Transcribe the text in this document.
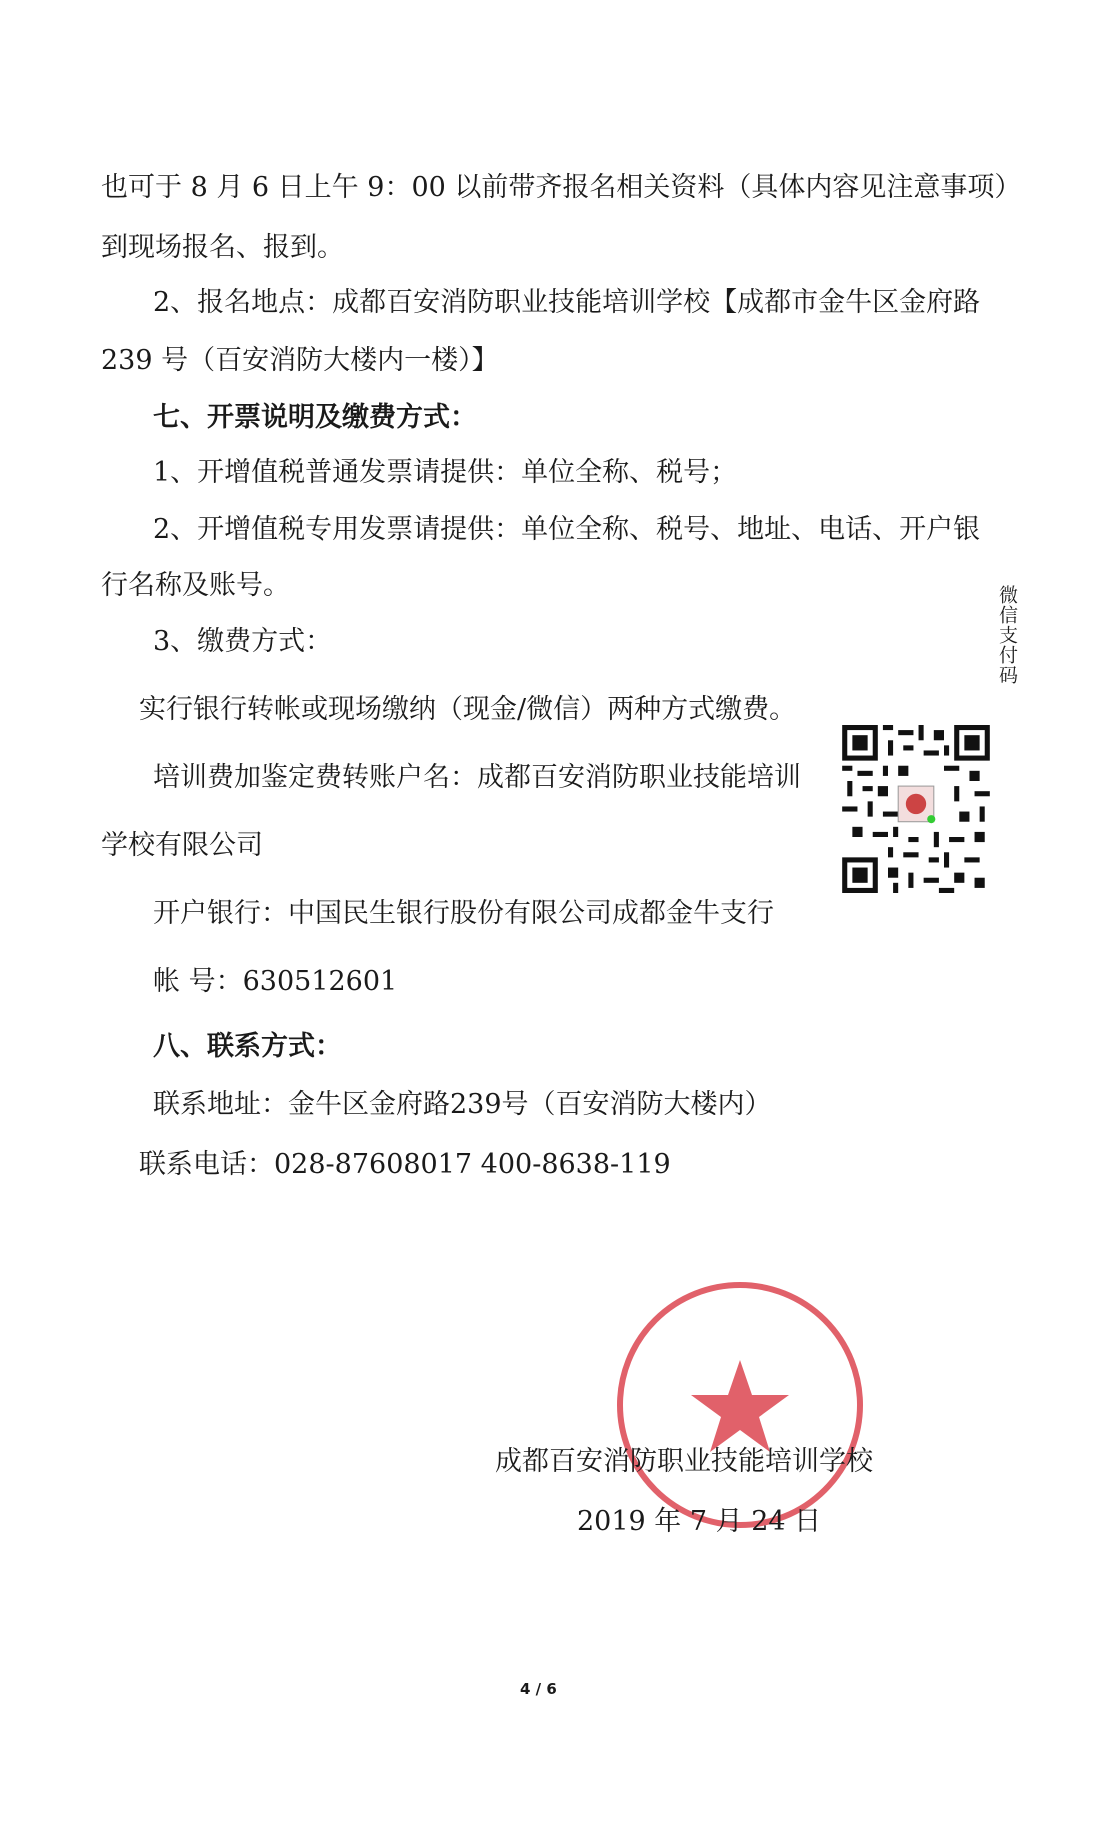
也可于 8 月 6 日上午 9：00 以前带齐报名相关资料（具体内容见注意事项）
到现场报名、报到。
2、报名地点：成都百安消防职业技能培训学校【成都市金牛区金府路
239 号（百安消防大楼内一楼）】
七、开票说明及缴费方式：
1、开增值税普通发票请提供：单位全称、税号；
2、开增值税专用发票请提供：单位全称、税号、地址、电话、开户银
行名称及账号。
3、缴费方式：
实行银行转帐或现场缴纳（现金/微信）两种方式缴费。
培训费加鉴定费转账户名：成都百安消防职业技能培训
学校有限公司
开户银行：中国民生银行股份有限公司成都金牛支行
帐 号：630512601
八、联系方式：
联系地址：金牛区金府路239号（百安消防大楼内）
联系电话：028-87608017 400-8638-119
微信支付码
成都百安消防职业技能培训学校
2019 年 7 月 24 日
4 / 6
